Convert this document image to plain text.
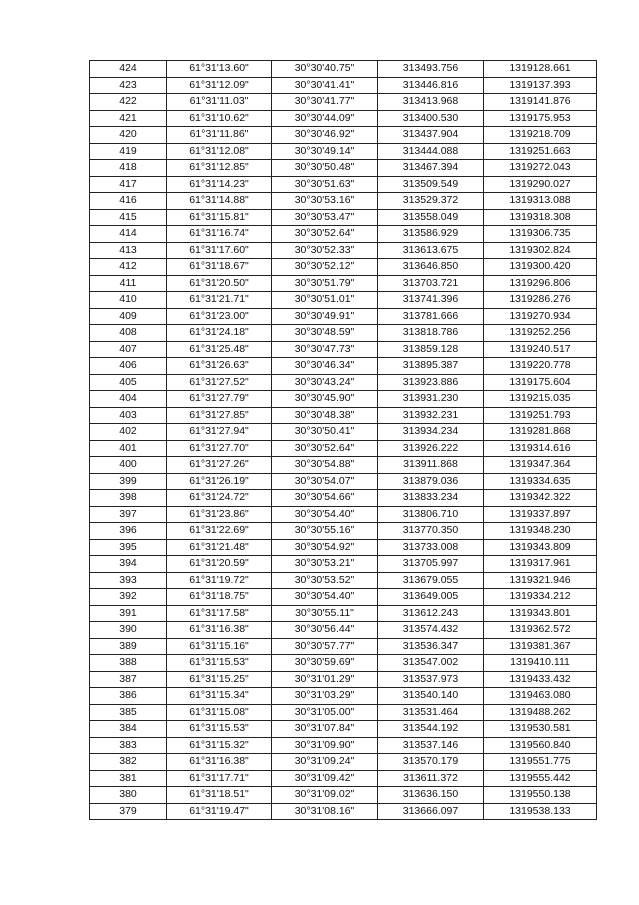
424	61°31'13.60"	30°30'40.75"	313493.756	1319128.661
423	61°31'12.09"	30°30'41.41"	313446.816	1319137.393
422	61°31'11.03"	30°30'41.77"	313413.968	1319141.876
421	61°31'10.62"	30°30'44.09"	313400.530	1319175.953
420	61°31'11.86"	30°30'46.92"	313437.904	1319218.709
419	61°31'12.08"	30°30'49.14"	313444.088	1319251.663
418	61°31'12.85"	30°30'50.48"	313467.394	1319272.043
417	61°31'14.23"	30°30'51.63"	313509.549	1319290.027
416	61°31'14.88"	30°30'53.16"	313529.372	1319313.088
415	61°31'15.81"	30°30'53.47"	313558.049	1319318.308
414	61°31'16.74"	30°30'52.64"	313586.929	1319306.735
413	61°31'17.60"	30°30'52.33"	313613.675	1319302.824
412	61°31'18.67"	30°30'52.12"	313646.850	1319300.420
411	61°31'20.50"	30°30'51.79"	313703.721	1319296.806
410	61°31'21.71"	30°30'51.01"	313741.396	1319286.276
409	61°31'23.00"	30°30'49.91"	313781.666	1319270.934
408	61°31'24.18"	30°30'48.59"	313818.786	1319252.256
407	61°31'25.48"	30°30'47.73"	313859.128	1319240.517
406	61°31'26.63"	30°30'46.34"	313895.387	1319220.778
405	61°31'27.52"	30°30'43.24"	313923.886	1319175.604
404	61°31'27.79"	30°30'45.90"	313931.230	1319215.035
403	61°31'27.85"	30°30'48.38"	313932.231	1319251.793
402	61°31'27.94"	30°30'50.41"	313934.234	1319281.868
401	61°31'27.70"	30°30'52.64"	313926.222	1319314.616
400	61°31'27.26"	30°30'54.88"	313911.868	1319347.364
399	61°31'26.19"	30°30'54.07"	313879.036	1319334.635
398	61°31'24.72"	30°30'54.66"	313833.234	1319342.322
397	61°31'23.86"	30°30'54.40"	313806.710	1319337.897
396	61°31'22.69"	30°30'55.16"	313770.350	1319348.230
395	61°31'21.48"	30°30'54.92"	313733.008	1319343.809
394	61°31'20.59"	30°30'53.21"	313705.997	1319317.961
393	61°31'19.72"	30°30'53.52"	313679.055	1319321.946
392	61°31'18.75"	30°30'54.40"	313649.005	1319334.212
391	61°31'17.58"	30°30'55.11"	313612.243	1319343.801
390	61°31'16.38"	30°30'56.44"	313574.432	1319362.572
389	61°31'15.16"	30°30'57.77"	313536.347	1319381.367
388	61°31'15.53"	30°30'59.69"	313547.002	1319410.111
387	61°31'15.25"	30°31'01.29"	313537.973	1319433.432
386	61°31'15.34"	30°31'03.29"	313540.140	1319463.080
385	61°31'15.08"	30°31'05.00"	313531.464	1319488.262
384	61°31'15.53"	30°31'07.84"	313544.192	1319530.581
383	61°31'15.32"	30°31'09.90"	313537.146	1319560.840
382	61°31'16.38"	30°31'09.24"	313570.179	1319551.775
381	61°31'17.71"	30°31'09.42"	313611.372	1319555.442
380	61°31'18.51"	30°31'09.02"	313636.150	1319550.138
379	61°31'19.47"	30°31'08.16"	313666.097	1319538.133
